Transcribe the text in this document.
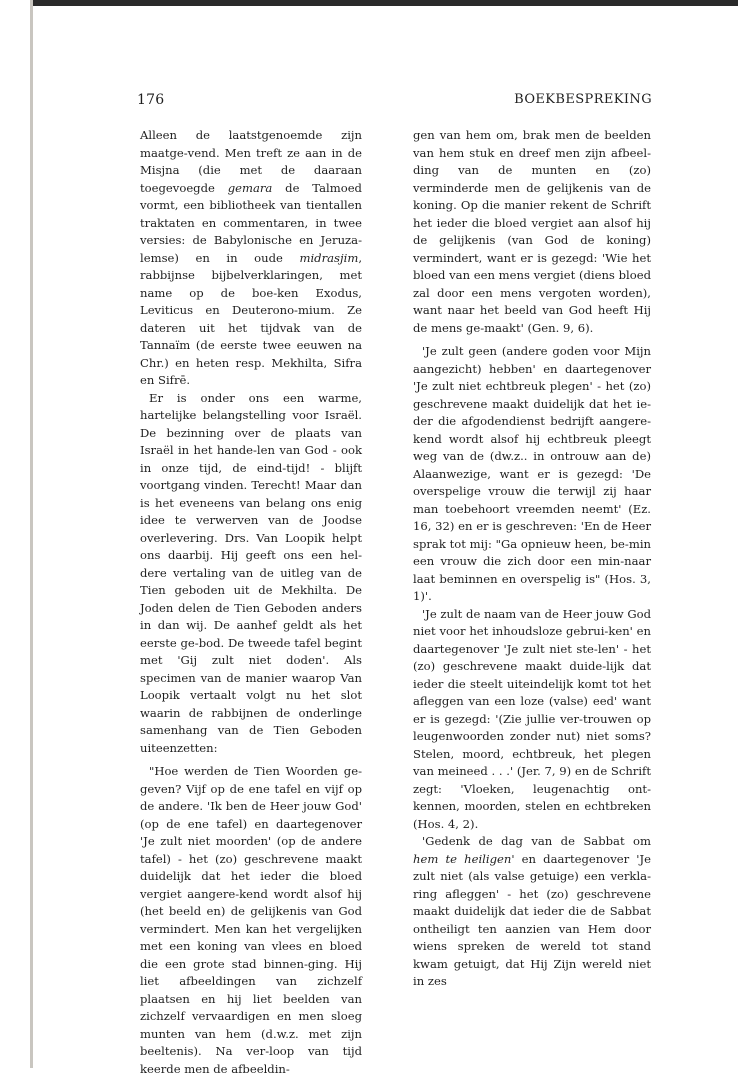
176	BOEKBESPREKING

Alleen de laatstgenoemde zijn maatge-vend. Men treft ze aan in de Misjna (die met de daaraan toegevoegde gemara de Talmoed vormt, een bibliotheek van tientallen traktaten en commentaren, in twee versies: de Babylonische en Jeruza-lemse) en in oude midrasjim, rabbijnse bijbelverklaringen, met name op de boe-ken Exodus, Leviticus en Deuterono-mium. Ze dateren uit het tijdvak van de Tannaïm (de eerste twee eeuwen na Chr.) en heten resp. Mekhilta, Sifra en Sifrē.

Er is onder ons een warme, hartelijke belangstelling voor Israël. De bezinning over de plaats van Israël in het hande-len van God - ook in onze tijd, de eind-tijd! - blijft voortgang vinden. Terecht! Maar dan is het eveneens van belang ons enig idee te verwerven van de Joodse overlevering. Drs. Van Loopik helpt ons daarbij. Hij geeft ons een hel-dere vertaling van de uitleg van de Tien geboden uit de Mekhilta. De Joden delen de Tien Geboden anders in dan wij. De aanhef geldt als het eerste ge-bod. De tweede tafel begint met 'Gij zult niet doden'. Als specimen van de manier waarop Van Loopik vertaalt volgt nu het slot waarin de rabbijnen de onderlinge samenhang van de Tien Geboden uiteenzetten:

"Hoe werden de Tien Woorden ge-geven? Vijf op de ene tafel en vijf op de andere. 'Ik ben de Heer jouw God' (op de ene tafel) en daartegenover 'Je zult niet moorden' (op de andere tafel) - het (zo) geschrevene maakt duidelijk dat het ieder die bloed vergiet aangere-kend wordt alsof hij (het beeld en) de gelijkenis van God vermindert. Men kan het vergelijken met een koning van vlees en bloed die een grote stad binnen-ging. Hij liet afbeeldingen van zichzelf plaatsen en hij liet beelden van zichzelf vervaardigen en men sloeg munten van hem (d.w.z. met zijn beeltenis). Na ver-loop van tijd keerde men de afbeeldin-

gen van hem om, brak men de beelden van hem stuk en dreef men zijn afbeel-ding van de munten en (zo) verminderde men de gelijkenis van de koning. Op die manier rekent de Schrift het ieder die bloed vergiet aan alsof hij de gelijkenis (van God de koning) vermindert, want er is gezegd: 'Wie het bloed van een mens vergiet (diens bloed zal door een mens vergoten worden), want naar het beeld van God heeft Hij de mens ge-maakt' (Gen. 9, 6).

'Je zult geen (andere goden voor Mijn aangezicht) hebben' en daartegenover 'Je zult niet echtbreuk plegen' - het (zo) geschrevene maakt duidelijk dat het ie-der die afgodendienst bedrijft aangere-kend wordt alsof hij echtbreuk pleegt weg van de (dw.z.. in ontrouw aan de) Alaanwezige, want er is gezegd: 'De overspelige vrouw die terwijl zij haar man toebehoort vreemden neemt' (Ez. 16, 32) en er is geschreven: 'En de Heer sprak tot mij: "Ga opnieuw heen, be-min een vrouw die zich door een min-naar laat beminnen en overspelig is" (Hos. 3, 1)'.

'Je zult de naam van de Heer jouw God niet voor het inhoudsloze gebrui-ken' en daartegenover 'Je zult niet ste-len' - het (zo) geschrevene maakt duide-lijk dat ieder die steelt uiteindelijk komt tot het afleggen van een loze (valse) eed' want er is gezegd: '(Zie jullie ver-trouwen op leugenwoorden zonder nut) niet soms? Stelen, moord, echtbreuk, het plegen van meineed . . .' (Jer. 7, 9) en de Schrift zegt: 'Vloeken, leugenachtig ont-kennen, moorden, stelen en echtbreken (Hos. 4, 2).

'Gedenk de dag van de Sabbat om hem te heiligen' en daartegenover 'Je zult niet (als valse getuige) een verkla-ring afleggen' - het (zo) geschrevene maakt duidelijk dat ieder die de Sabbat ontheiligt ten aanzien van Hem door wiens spreken de wereld tot stand kwam getuigt, dat Hij Zijn wereld niet in zes
